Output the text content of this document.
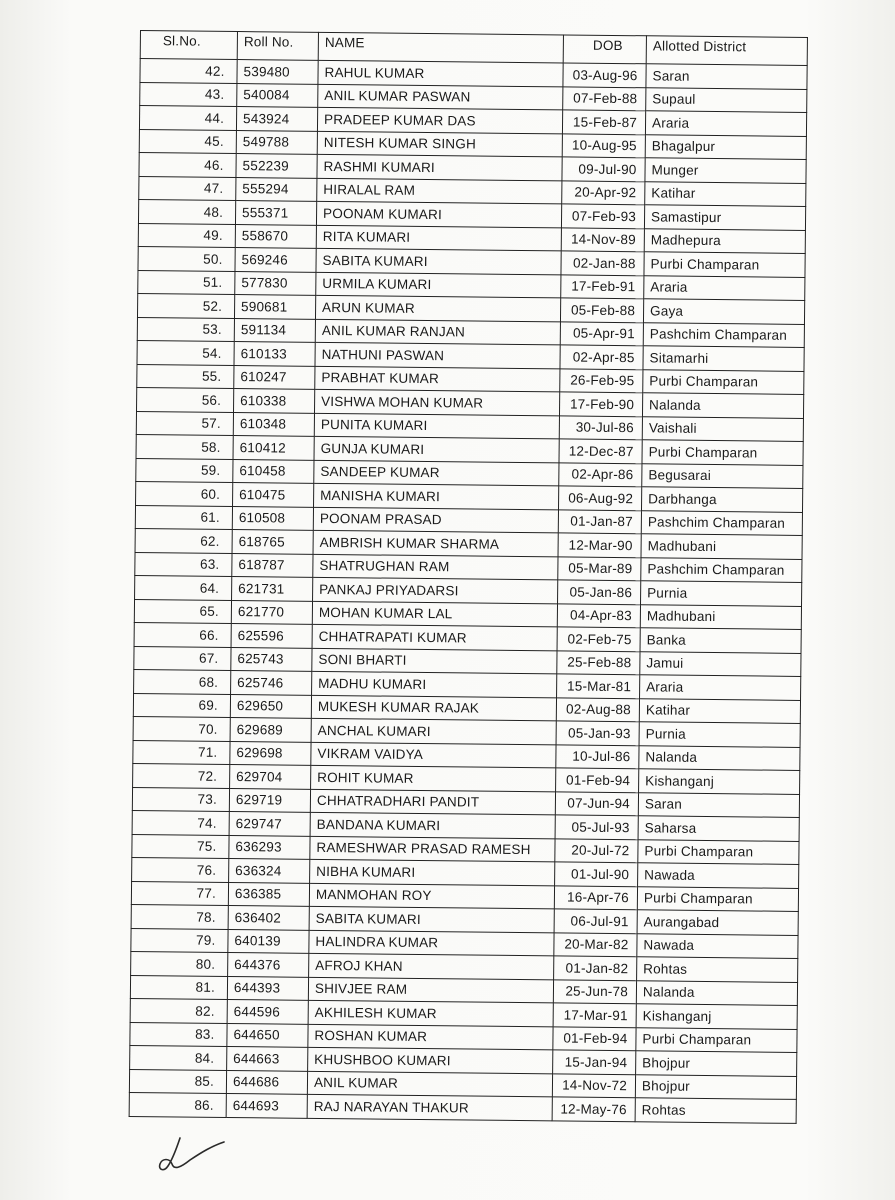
Sl.No.	Roll No.	NAME	DOB	Allotted District
42.	539480	RAHUL KUMAR	03-Aug-96	Saran
43.	540084	ANIL KUMAR PASWAN	07-Feb-88	Supaul
44.	543924	PRADEEP KUMAR DAS	15-Feb-87	Araria
45.	549788	NITESH KUMAR SINGH	10-Aug-95	Bhagalpur
46.	552239	RASHMI KUMARI	09-Jul-90	Munger
47.	555294	HIRALAL RAM	20-Apr-92	Katihar
48.	555371	POONAM KUMARI	07-Feb-93	Samastipur
49.	558670	RITA KUMARI	14-Nov-89	Madhepura
50.	569246	SABITA KUMARI	02-Jan-88	Purbi Champaran
51.	577830	URMILA KUMARI	17-Feb-91	Araria
52.	590681	ARUN KUMAR	05-Feb-88	Gaya
53.	591134	ANIL KUMAR RANJAN	05-Apr-91	Pashchim Champaran
54.	610133	NATHUNI PASWAN	02-Apr-85	Sitamarhi
55.	610247	PRABHAT KUMAR	26-Feb-95	Purbi Champaran
56.	610338	VISHWA MOHAN KUMAR	17-Feb-90	Nalanda
57.	610348	PUNITA KUMARI	30-Jul-86	Vaishali
58.	610412	GUNJA KUMARI	12-Dec-87	Purbi Champaran
59.	610458	SANDEEP KUMAR	02-Apr-86	Begusarai
60.	610475	MANISHA KUMARI	06-Aug-92	Darbhanga
61.	610508	POONAM PRASAD	01-Jan-87	Pashchim Champaran
62.	618765	AMBRISH KUMAR SHARMA	12-Mar-90	Madhubani
63.	618787	SHATRUGHAN RAM	05-Mar-89	Pashchim Champaran
64.	621731	PANKAJ PRIYADARSI	05-Jan-86	Purnia
65.	621770	MOHAN KUMAR LAL	04-Apr-83	Madhubani
66.	625596	CHHATRAPATI KUMAR	02-Feb-75	Banka
67.	625743	SONI BHARTI	25-Feb-88	Jamui
68.	625746	MADHU KUMARI	15-Mar-81	Araria
69.	629650	MUKESH KUMAR RAJAK	02-Aug-88	Katihar
70.	629689	ANCHAL KUMARI	05-Jan-93	Purnia
71.	629698	VIKRAM VAIDYA	10-Jul-86	Nalanda
72.	629704	ROHIT KUMAR	01-Feb-94	Kishanganj
73.	629719	CHHATRADHARI PANDIT	07-Jun-94	Saran
74.	629747	BANDANA KUMARI	05-Jul-93	Saharsa
75.	636293	RAMESHWAR PRASAD RAMESH	20-Jul-72	Purbi Champaran
76.	636324	NIBHA KUMARI	01-Jul-90	Nawada
77.	636385	MANMOHAN ROY	16-Apr-76	Purbi Champaran
78.	636402	SABITA KUMARI	06-Jul-91	Aurangabad
79.	640139	HALINDRA KUMAR	20-Mar-82	Nawada
80.	644376	AFROJ KHAN	01-Jan-82	Rohtas
81.	644393	SHIVJEE RAM	25-Jun-78	Nalanda
82.	644596	AKHILESH KUMAR	17-Mar-91	Kishanganj
83.	644650	ROSHAN KUMAR	01-Feb-94	Purbi Champaran
84.	644663	KHUSHBOO KUMARI	15-Jan-94	Bhojpur
85.	644686	ANIL KUMAR	14-Nov-72	Bhojpur
86.	644693	RAJ NARAYAN THAKUR	12-May-76	Rohtas
